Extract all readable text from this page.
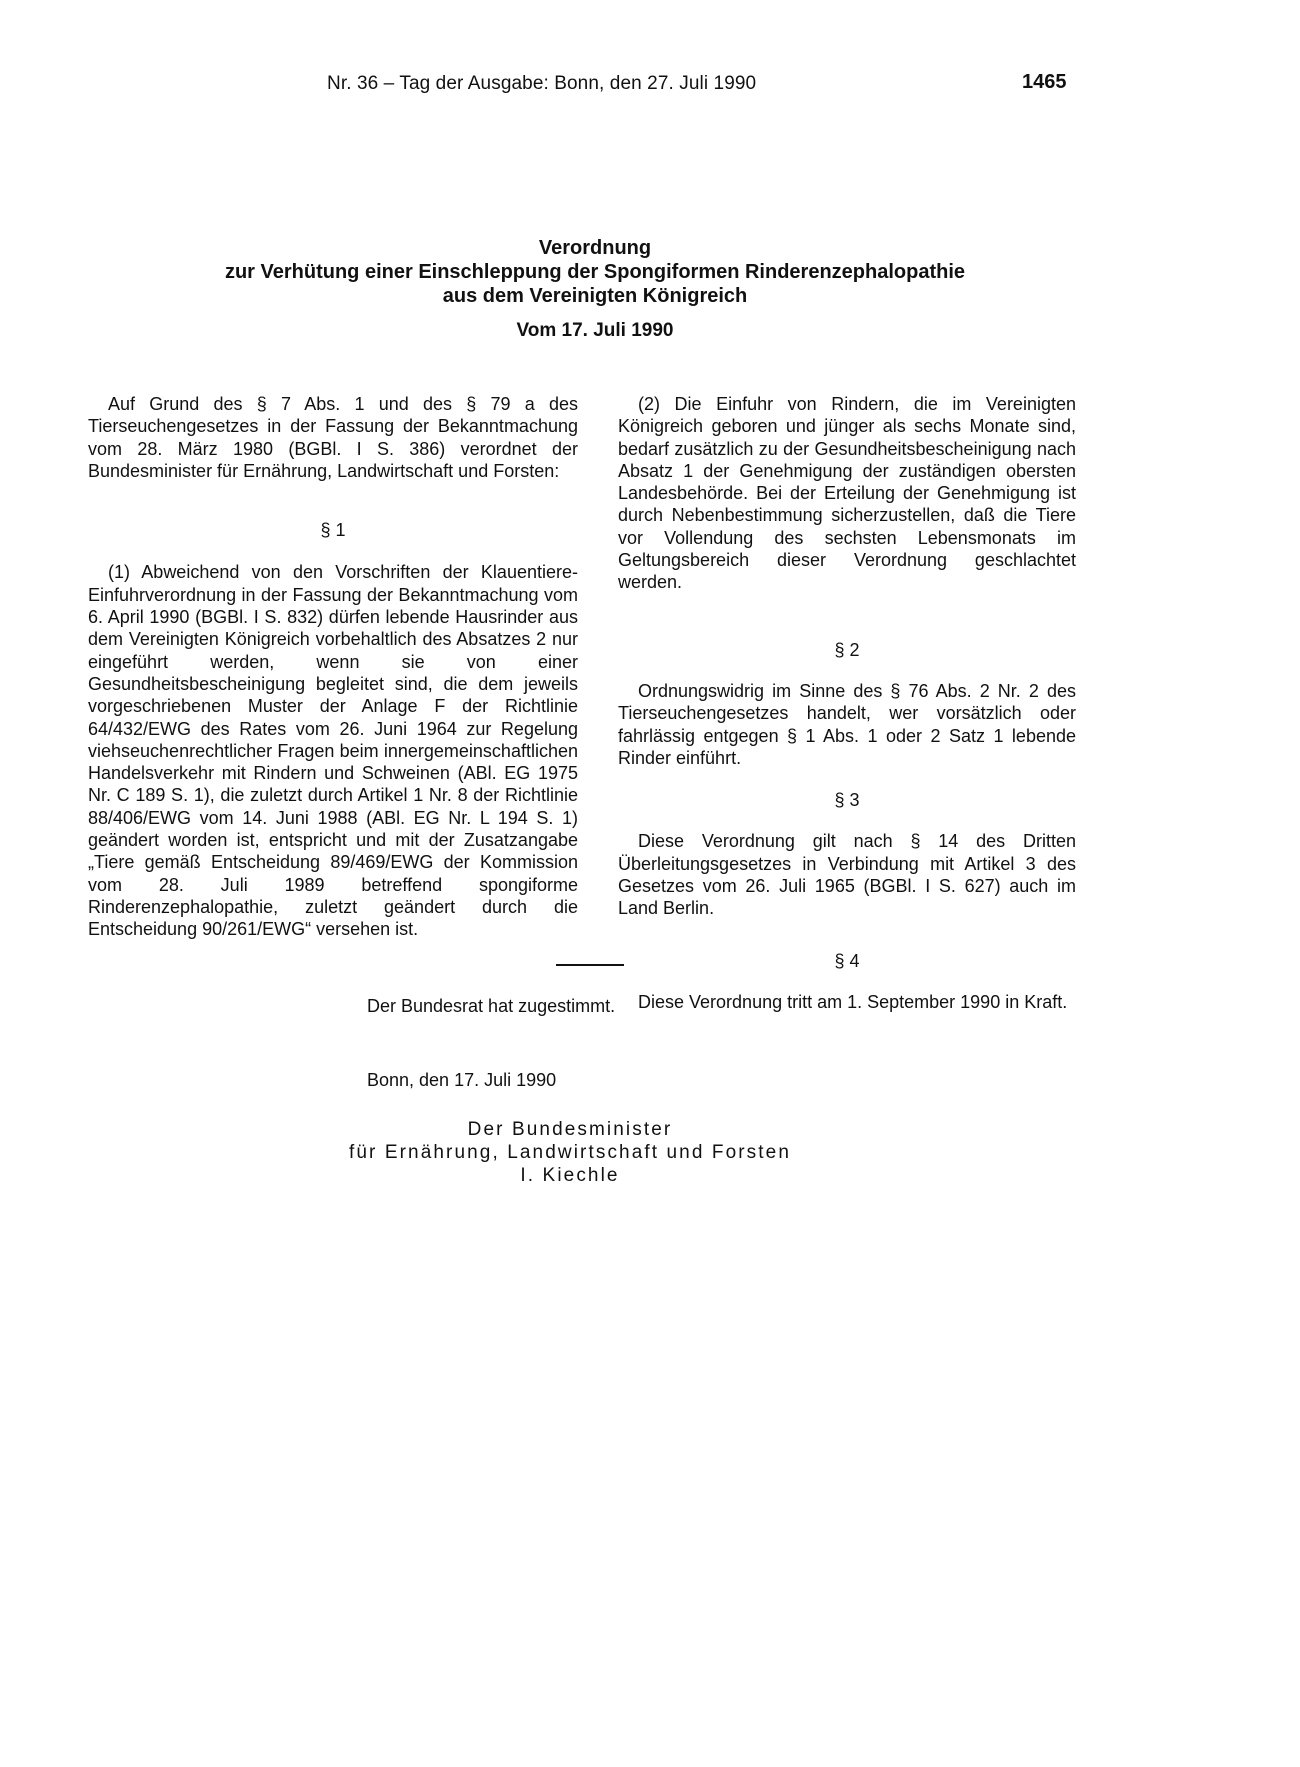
Nr. 36 – Tag der Ausgabe: Bonn, den 27. Juli 1990	1465
Verordnung
zur Verhütung einer Einschleppung der Spongiformen Rinderenzephalopathie
aus dem Vereinigten Königreich
Vom 17. Juli 1990

Auf Grund des § 7 Abs. 1 und des § 79 a des Tierseuchengesetzes in der Fassung der Bekanntmachung vom 28. März 1980 (BGBl. I S. 386) verordnet der Bundesminister für Ernährung, Landwirtschaft und Forsten:

§ 1

(1) Abweichend von den Vorschriften der Klauentiere-Einfuhrverordnung in der Fassung der Bekanntmachung vom 6. April 1990 (BGBl. I S. 832) dürfen lebende Hausrinder aus dem Vereinigten Königreich vorbehaltlich des Absatzes 2 nur eingeführt werden, wenn sie von einer Gesundheitsbescheinigung begleitet sind, die dem jeweils vorgeschriebenen Muster der Anlage F der Richtlinie 64/432/EWG des Rates vom 26. Juni 1964 zur Regelung viehseuchenrechtlicher Fragen beim innergemeinschaftlichen Handelsverkehr mit Rindern und Schweinen (ABl. EG 1975 Nr. C 189 S. 1), die zuletzt durch Artikel 1 Nr. 8 der Richtlinie 88/406/EWG vom 14. Juni 1988 (ABl. EG Nr. L 194 S. 1) geändert worden ist, entspricht und mit der Zusatzangabe „Tiere gemäß Entscheidung 89/469/EWG der Kommission vom 28. Juli 1989 betreffend spongiforme Rinderenzephalopathie, zuletzt geändert durch die Entscheidung 90/261/EWG“ versehen ist.

(2) Die Einfuhr von Rindern, die im Vereinigten Königreich geboren und jünger als sechs Monate sind, bedarf zusätzlich zu der Gesundheitsbescheinigung nach Absatz 1 der Genehmigung der zuständigen obersten Landesbehörde. Bei der Erteilung der Genehmigung ist durch Nebenbestimmung sicherzustellen, daß die Tiere vor Vollendung des sechsten Lebensmonats im Geltungsbereich dieser Verordnung geschlachtet werden.

§ 2

Ordnungswidrig im Sinne des § 76 Abs. 2 Nr. 2 des Tierseuchengesetzes handelt, wer vorsätzlich oder fahrlässig entgegen § 1 Abs. 1 oder 2 Satz 1 lebende Rinder einführt.

§ 3

Diese Verordnung gilt nach § 14 des Dritten Überleitungsgesetzes in Verbindung mit Artikel 3 des Gesetzes vom 26. Juli 1965 (BGBl. I S. 627) auch im Land Berlin.

§ 4

Diese Verordnung tritt am 1. September 1990 in Kraft.

Der Bundesrat hat zugestimmt.
Bonn, den 17. Juli 1990
Der Bundesminister
für Ernährung, Landwirtschaft und Forsten
I. Kiechle
